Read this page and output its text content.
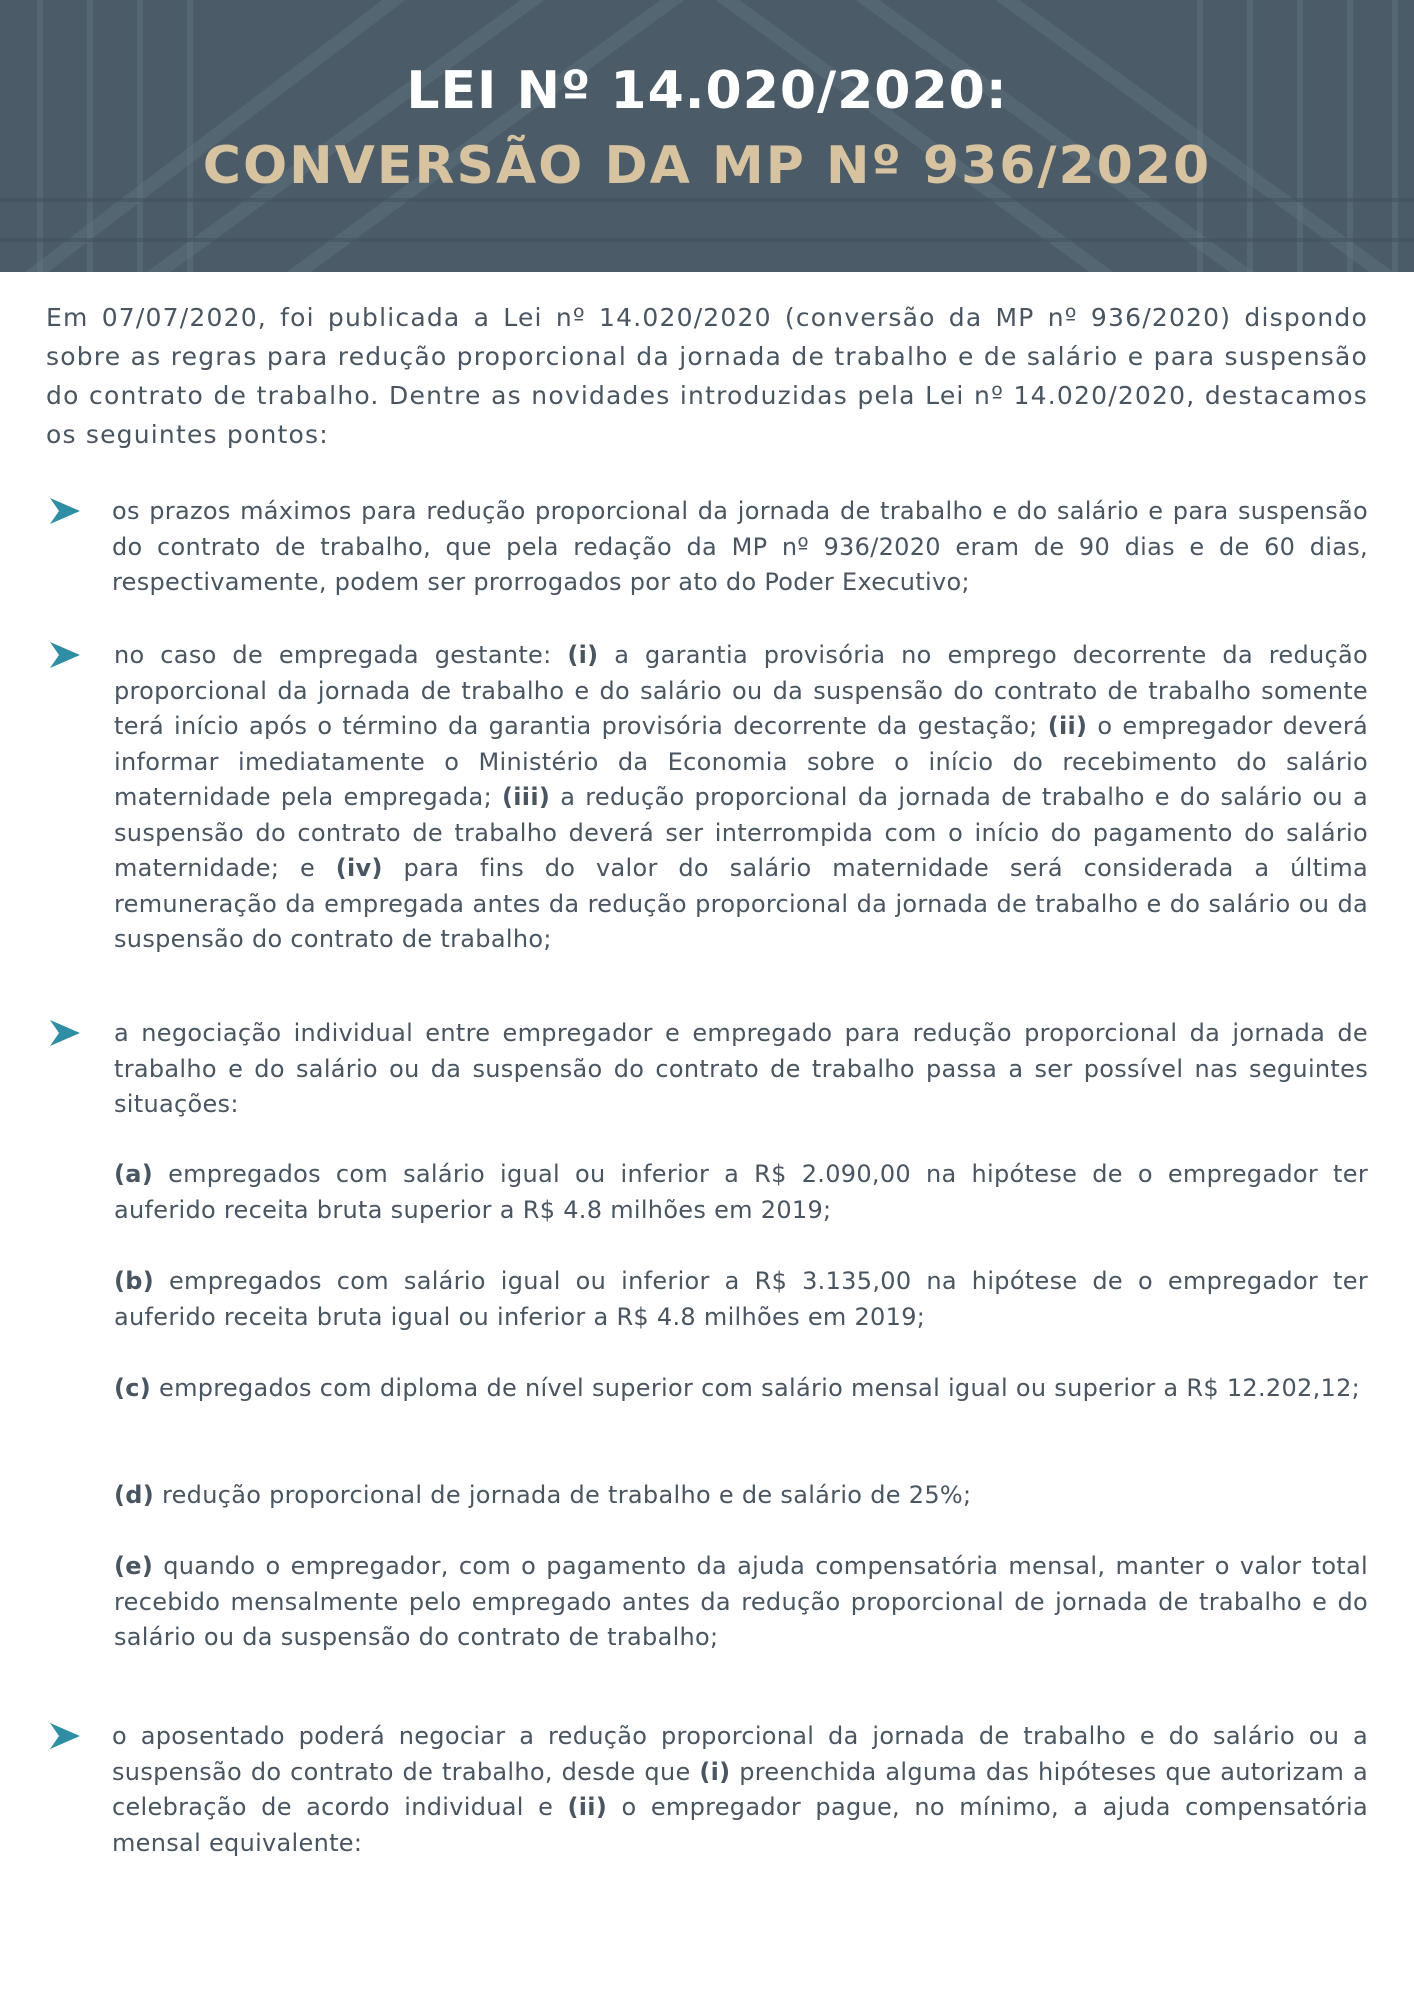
LEI Nº 14.020/2020:
CONVERSÃO DA MP Nº 936/2020

Em 07/07/2020, foi publicada a Lei nº 14.020/2020 (conversão da MP nº 936/2020) dispondo sobre as regras para redução proporcional da jornada de trabalho e de salário e para suspensão do contrato de trabalho. Dentre as novidades introduzidas pela Lei nº 14.020/2020, destacamos os seguintes pontos:

os prazos máximos para redução proporcional da jornada de trabalho e do salário e para suspensão do contrato de trabalho, que pela redação da MP nº 936/2020 eram de 90 dias e de 60 dias, respectivamente, podem ser prorrogados por ato do Poder Executivo;

no caso de empregada gestante: (i) a garantia provisória no emprego decorrente da redução proporcional da jornada de trabalho e do salário ou da suspensão do contrato de trabalho somente terá início após o término da garantia provisória decorrente da gestação; (ii) o empregador deverá informar imediatamente o Ministério da Economia sobre o início do recebimento do salário maternidade pela empregada; (iii) a redução proporcional da jornada de trabalho e do salário ou a suspensão do contrato de trabalho deverá ser interrompida com o início do pagamento do salário maternidade; e (iv) para fins do valor do salário maternidade será considerada a última remuneração da empregada antes da redução proporcional da jornada de trabalho e do salário ou da suspensão do contrato de trabalho;

a negociação individual entre empregador e empregado para redução proporcional da jornada de trabalho e do salário ou da suspensão do contrato de trabalho passa a ser possível nas seguintes situações:

(a) empregados com salário igual ou inferior a R$ 2.090,00 na hipótese de o empregador ter auferido receita bruta superior a R$ 4.8 milhões em 2019;

(b) empregados com salário igual ou inferior a R$ 3.135,00 na hipótese de o empregador ter auferido receita bruta igual ou inferior a R$ 4.8 milhões em 2019;

(c) empregados com diploma de nível superior com salário mensal igual ou superior a R$ 12.202,12;

(d) redução proporcional de jornada de trabalho e de salário de 25%;

(e) quando o empregador, com o pagamento da ajuda compensatória mensal, manter o valor total recebido mensalmente pelo empregado antes da redução proporcional de jornada de trabalho e do salário ou da suspensão do contrato de trabalho;

o aposentado poderá negociar a redução proporcional da jornada de trabalho e do salário ou a suspensão do contrato de trabalho, desde que (i) preenchida alguma das hipóteses que autorizam a celebração de acordo individual e (ii) o empregador pague, no mínimo, a ajuda compensatória mensal equivalente:
